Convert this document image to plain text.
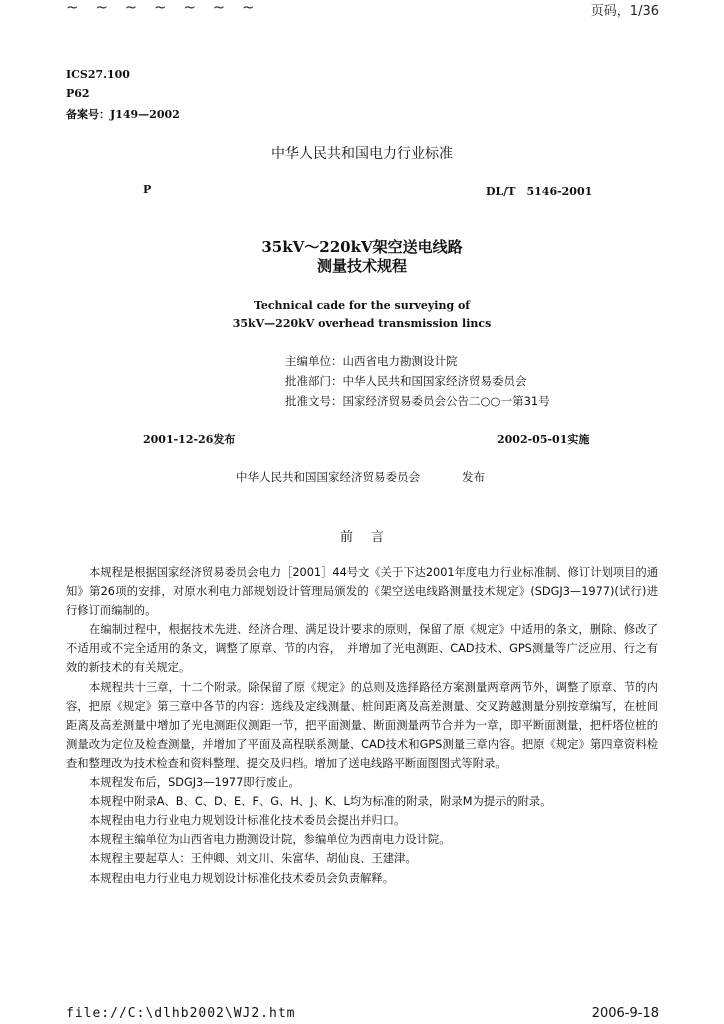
~ ~ ~ ~ ~ ~ ~	页码，1/36
ICS27.100
P62
备案号：J149—2002
中华人民共和国电力行业标准
P	DL/T　5146-2001
35kV～220kV架空送电线路
测量技术规程
Technical cade for the surveying of
35kV—220kV overhead transmission lincs
主编单位：山西省电力勘测设计院
批准部门：中华人民共和国国家经济贸易委员会
批准文号：国家经济贸易委员会公告二○○一第31号
2001-12-26发布	2002-05-01实施
中华人民共和国国家经济贸易委员会	发布
前言

本规程是根据国家经济贸易委员会电力［2001］44号文《关于下达2001年度电力行业标准制、修订计划项目的通知》第26项的安排，对原水利电力部规划设计管理局颁发的《架空送电线路测量技术规定》(SDGJ3—1977)(试行)进行修订而编制的。

在编制过程中，根据技术先进、经济合理、满足设计要求的原则，保留了原《规定》中适用的条文，删除、修改了不适用或不完全适用的条文，调整了原章、节的内容，　并增加了光电测距、CAD技术、GPS测量等广泛应用、行之有效的新技术的有关规定。

本规程共十三章，十二个附录。除保留了原《规定》的总则及选择路径方案测量两章两节外，调整了原章、节的内容，把原《规定》第三章中各节的内容：选线及定线测量、桩间距离及高差测量、交叉跨越测量分别按章编写，在桩间距离及高差测量中增加了光电测距仪测距一节，把平面测量、断面测量两节合并为一章，即平断面测量，把杆塔位桩的测量改为定位及检查测量，并增加了平面及高程联系测量、CAD技术和GPS测量三章内容。把原《规定》第四章资料检查和整理改为技术检查和资料整理、提交及归档。增加了送电线路平断面图图式等附录。

本规程发布后，SDGJ3—1977即行废止。

本规程中附录A、B、C、D、E、F、G、H、J、K、L均为标准的附录，附录M为提示的附录。

本规程由电力行业电力规划设计标准化技术委员会提出并归口。

本规程主编单位为山西省电力勘测设计院，参编单位为西南电力设计院。

本规程主要起草人：王仲卿、刘文川、朱富华、胡仙良、王建津。

本规程由电力行业电力规划设计标准化技术委员会负责解释。

file://C:\dlhb2002\WJ2.htm	2006-9-18
